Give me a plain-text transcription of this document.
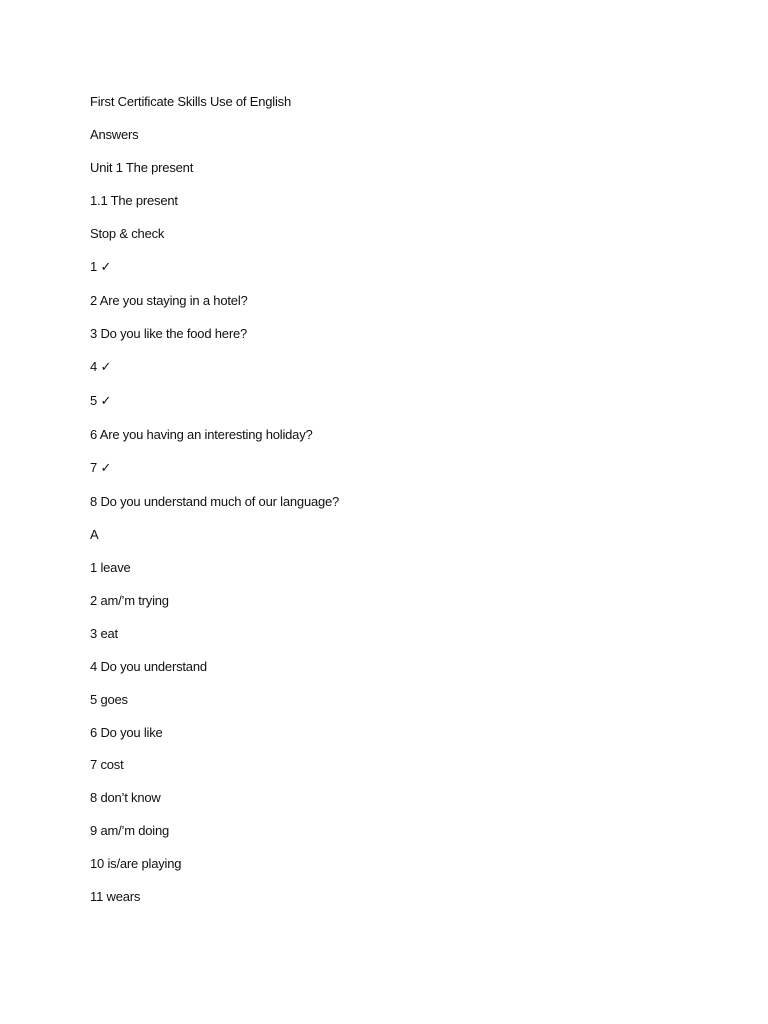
First Certificate Skills Use of English

Answers

Unit 1 The present

1.1 The present

Stop & check

1 ✓

2 Are you staying in a hotel?

3 Do you like the food here?

4 ✓

5 ✓

6 Are you having an interesting holiday?

7 ✓

8 Do you understand much of our language?

A

1 leave

2 am/’m trying

3 eat

4 Do you understand

5 goes

6 Do you like

7 cost

8 don’t know

9 am/’m doing

10 is/are playing

11 wears
